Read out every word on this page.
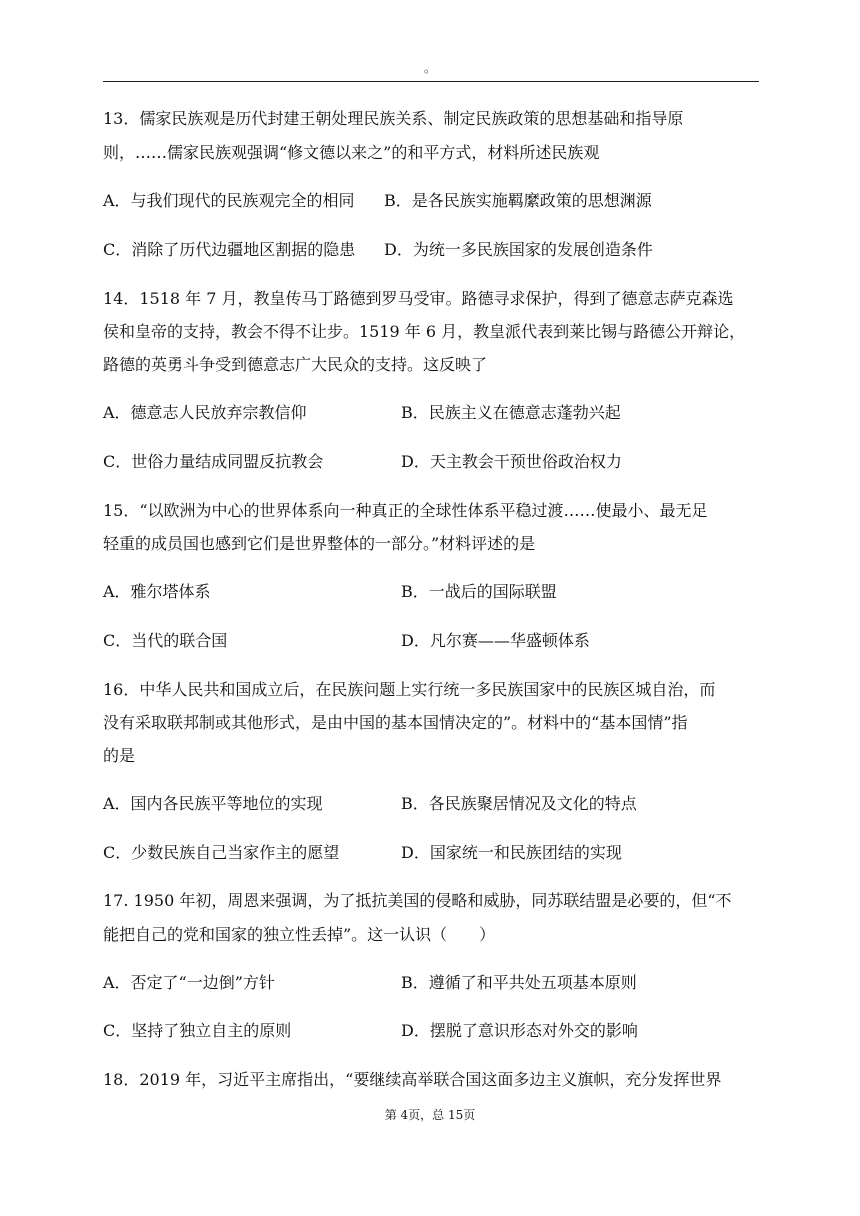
。
13．儒家民族观是历代封建王朝处理民族关系、制定民族政策的思想基础和指导原
则，……儒家民族观强调“修文德以来之”的和平方式，材料所述民族观
A．与我们现代的民族观完全的相同 B．是各民族实施羁縻政策的思想渊源
C．消除了历代边疆地区割据的隐患 D．为统一多民族国家的发展创造条件
14．1518 年 7 月，教皇传马丁路德到罗马受审。路德寻求保护，得到了德意志萨克森选
侯和皇帝的支持，教会不得不让步。1519 年 6 月，教皇派代表到莱比锡与路德公开辩论，
路德的英勇斗争受到德意志广大民众的支持。这反映了
A．德意志人民放弃宗教信仰	B．民族主义在德意志蓬勃兴起
C．世俗力量结成同盟反抗教会	D．天主教会干预世俗政治权力
15．“以欧洲为中心的世界体系向一种真正的全球性体系平稳过渡……使最小、最无足
轻重的成员国也感到它们是世界整体的一部分。”材料评述的是
A．雅尔塔体系	B．一战后的国际联盟
C．当代的联合国	D．凡尔赛——华盛顿体系
16．中华人民共和国成立后，在民族问题上实行统一多民族国家中的民族区城自治，而
没有采取联邦制或其他形式，是由中国的基本国情决定的”。材料中的“基本国情”指
的是
A．国内各民族平等地位的实现	B．各民族聚居情况及文化的特点
C．少数民族自己当家作主的愿望	D．国家统一和民族团结的实现
17. 1950 年初，周恩来强调，为了抵抗美国的侵略和威胁，同苏联结盟是必要的，但“不
能把自己的党和国家的独立性丢掉”。这一认识（　　）
A．否定了“一边倒”方针	B．遵循了和平共处五项基本原则
C．坚持了独立自主的原则	D．摆脱了意识形态对外交的影响
18．2019 年，习近平主席指出，“要继续高举联合国这面多边主义旗帜，充分发挥世界
第 4页，总 15页
